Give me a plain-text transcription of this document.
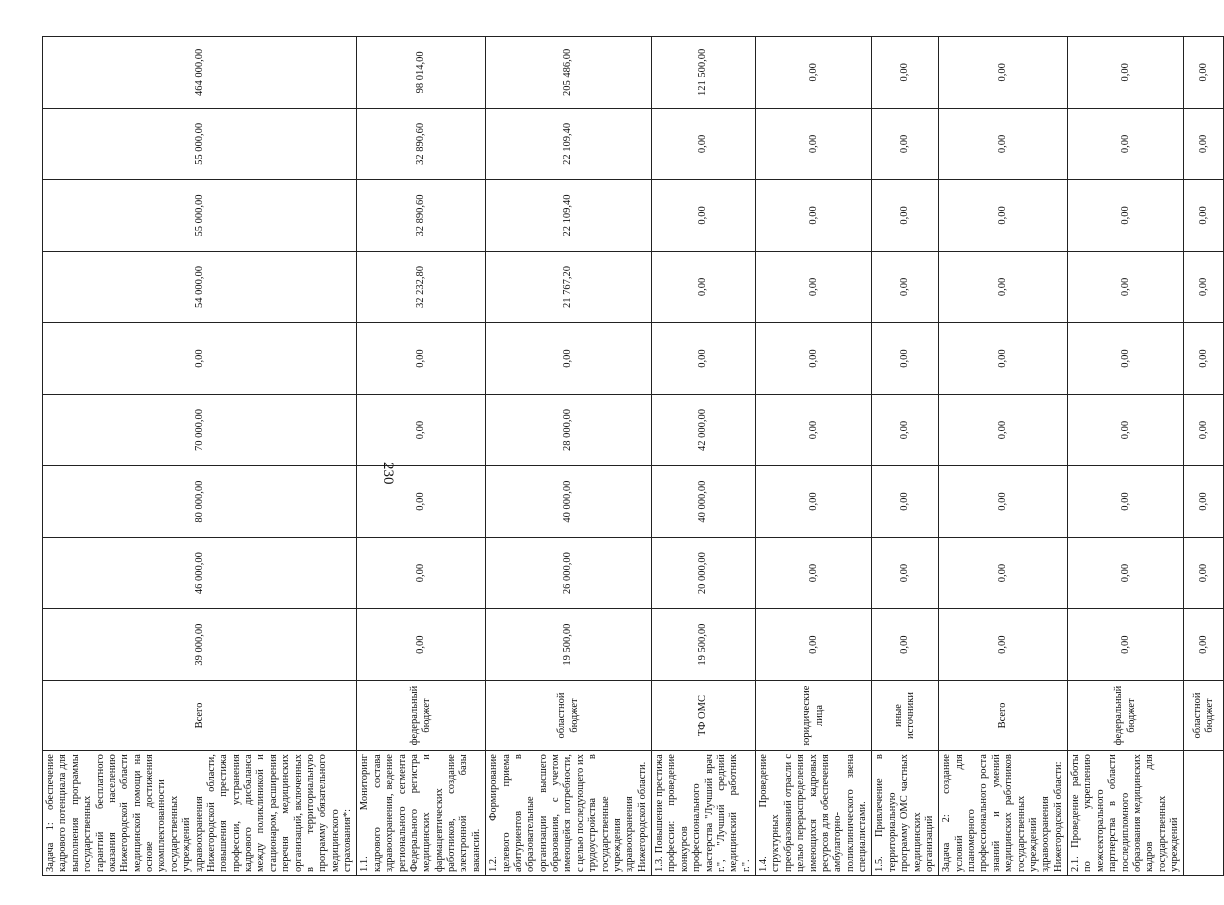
Задача 1: обеспечение кадрового потенциала для выполнения программы государственных гарантий бесплатного оказания населению Нижегородской области медицинской помощи на основе достижения укомплектованности государственных учреждений здравоохранения Нижегородской области, повышения престижа профессии, устранения кадрового дисбаланса между поликлиникой и стационаром, расширения перечня медицинских организаций, включенных в территориальную программу обязательного медицинского страхования*:	Всего	39 000,00	46 000,00	80 000,00	70 000,00	0,00	54 000,00	55 000,00	55 000,00	464 000,00
1.1. Мониторинг кадрового состава здравоохранения, ведение регионального сегмента Федерального регистра медицинских и фармацевтических работников, создание электронной базы вакансий.	федеральный бюджет	0,00	0,00	0,00	0,00	0,00	32 232,80	32 890,60	32 890,60	98 014,00
1.2. Формирование целевого приема абитуриентов в образовательные организации высшего образования, с учетом имеющейся потребности, с целью последующего их трудоустройства в государственные учреждения здравоохранения Нижегородской области.	областной бюджет	19 500,00	26 000,00	40 000,00	28 000,00	0,00	21 767,20	22 109,40	22 109,40	205 486,00
1.3. Повышение престижа профессии: проведение конкурсов профессионального мастерства "Лучший врач г.", "Лучший средний медицинский работник г.".	ТФ ОМС	19 500,00	20 000,00	40 000,00	42 000,00	0,00	0,00	0,00	0,00	121 500,00
1.4. Проведение структурных преобразований отрасли с целью перераспределения имеющихся кадровых ресурсов для обеспечения амбулаторно-поликлинического звена специалистами.	юридические лица	0,00	0,00	0,00	0,00	0,00	0,00	0,00	0,00	0,00
1.5. Привлечение в территориальную программу ОМС частных медицинских организаций	иные источники	0,00	0,00	0,00	0,00	0,00	0,00	0,00	0,00	0,00
Задача 2: создание условий для планомерного профессионального роста знаний и умений медицинских работников государственных учреждений здравоохранения Нижегородской области:	Всего	0,00	0,00	0,00	0,00	0,00	0,00	0,00	0,00	0,00
2.1. Проведение работы по укреплению межсекторального партнерства в области последипломного образования медицинских кадров для государственных учреждений	федеральный бюджет	0,00	0,00	0,00	0,00	0,00	0,00	0,00	0,00	0,00
	областной бюджет	0,00	0,00	0,00	0,00	0,00	0,00	0,00	0,00	0,00
230
